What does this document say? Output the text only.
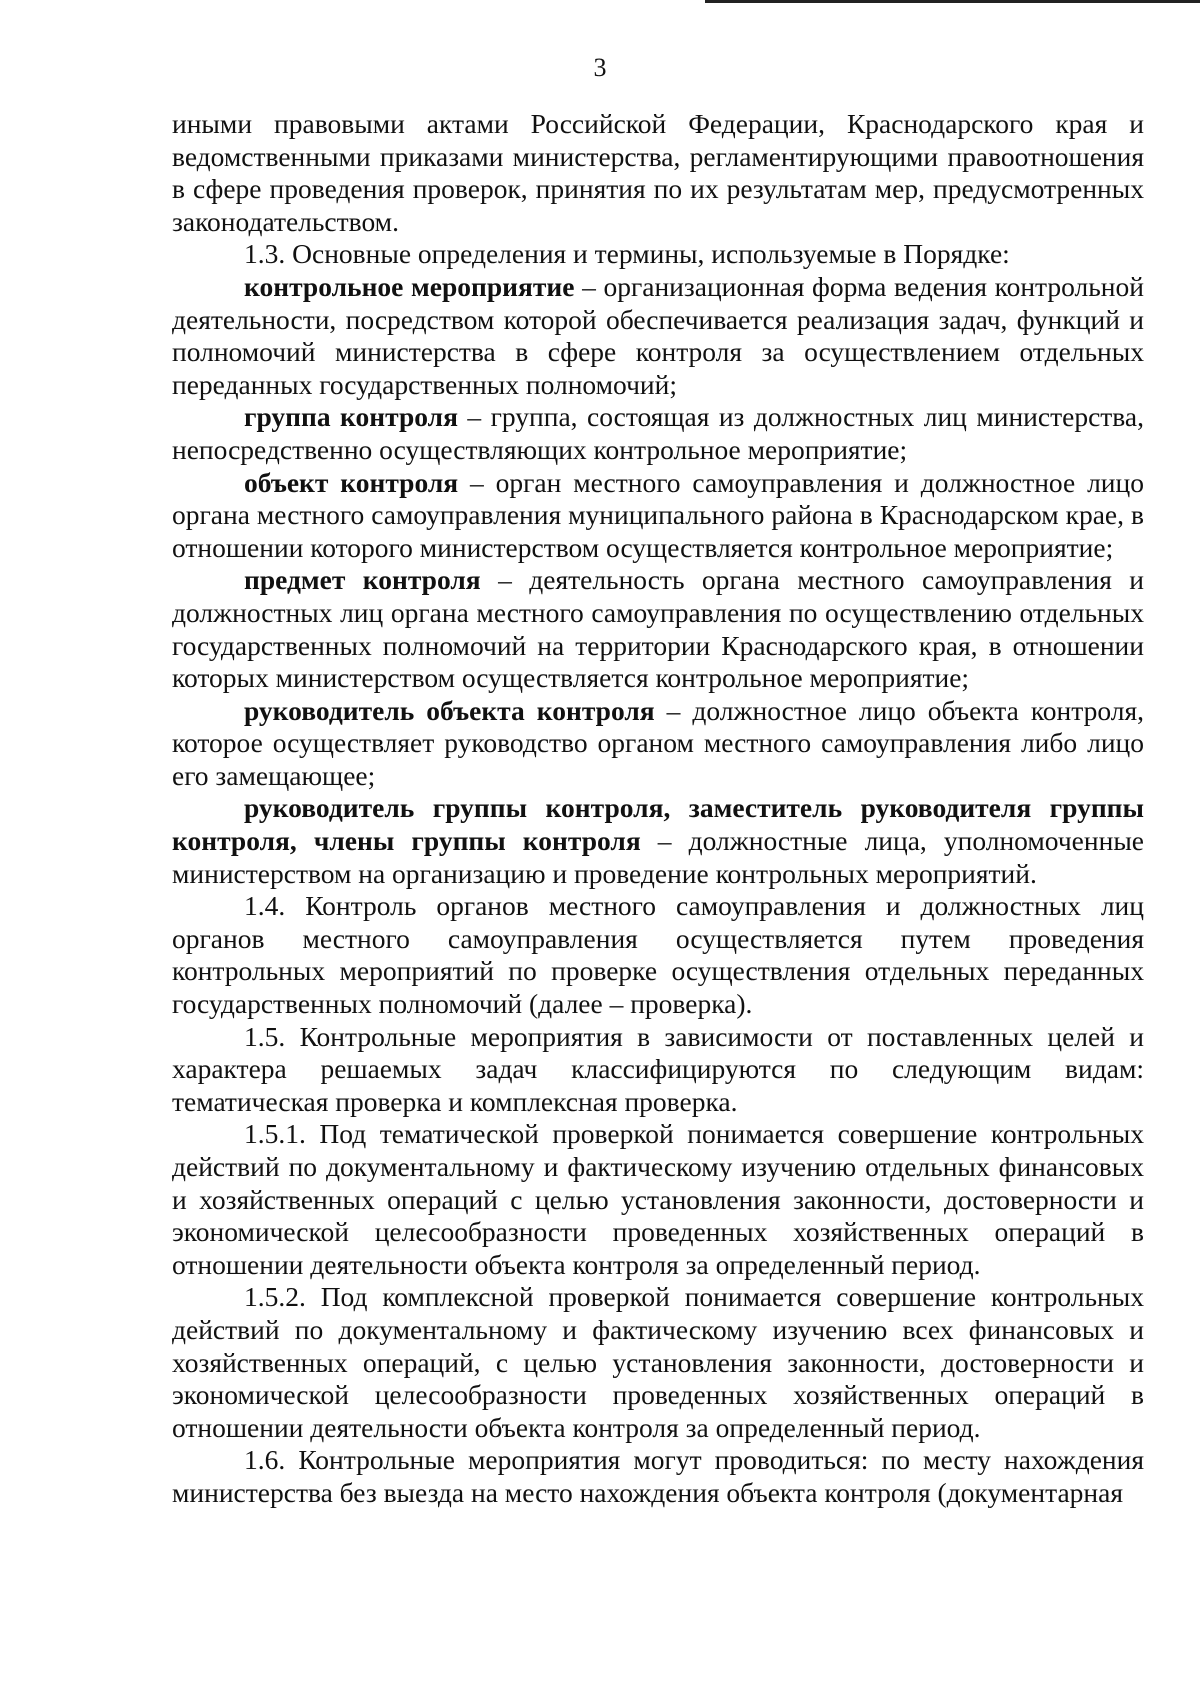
3

иными правовыми актами Российской Федерации, Краснодарского края и ведомственными приказами министерства, регламентирующими правоотношения в сфере проведения проверок, принятия по их результатам мер, предусмотренных законодательством.

1.3. Основные определения и термины, используемые в Порядке:

контрольное мероприятие – организационная форма ведения контрольной деятельности, посредством которой обеспечивается реализация задач, функций и полномочий министерства в сфере контроля за осуществлением отдельных переданных государственных полномочий;

группа контроля – группа, состоящая из должностных лиц министерства, непосредственно осуществляющих контрольное мероприятие;

объект контроля – орган местного самоуправления и должностное лицо органа местного самоуправления муниципального района в Краснодарском крае, в отношении которого министерством осуществляется контрольное мероприятие;

предмет контроля – деятельность органа местного самоуправления и должностных лиц органа местного самоуправления по осуществлению отдельных государственных полномочий на территории Краснодарского края, в отношении которых министерством осуществляется контрольное мероприятие;

руководитель объекта контроля – должностное лицо объекта контроля, которое осуществляет руководство органом местного самоуправления либо лицо его замещающее;

руководитель группы контроля, заместитель руководителя группы контроля, члены группы контроля – должностные лица, уполномоченные министерством на организацию и проведение контрольных мероприятий.

1.4. Контроль органов местного самоуправления и должностных лиц органов местного самоуправления осуществляется путем проведения контрольных мероприятий по проверке осуществления отдельных переданных государственных полномочий (далее – проверка).

1.5. Контрольные мероприятия в зависимости от поставленных целей и характера решаемых задач классифицируются по следующим видам: тематическая проверка и комплексная проверка.

1.5.1. Под тематической проверкой понимается совершение контрольных действий по документальному и фактическому изучению отдельных финансовых и хозяйственных операций с целью установления законности, достоверности и экономической целесообразности проведенных хозяйственных операций в отношении деятельности объекта контроля за определенный период.

1.5.2. Под комплексной проверкой понимается совершение контрольных действий по документальному и фактическому изучению всех финансовых и хозяйственных операций, с целью установления законности, достоверности и экономической целесообразности проведенных хозяйственных операций в отношении деятельности объекта контроля за определенный период.

1.6. Контрольные мероприятия могут проводиться: по месту нахождения министерства без выезда на место нахождения объекта контроля (документарная
